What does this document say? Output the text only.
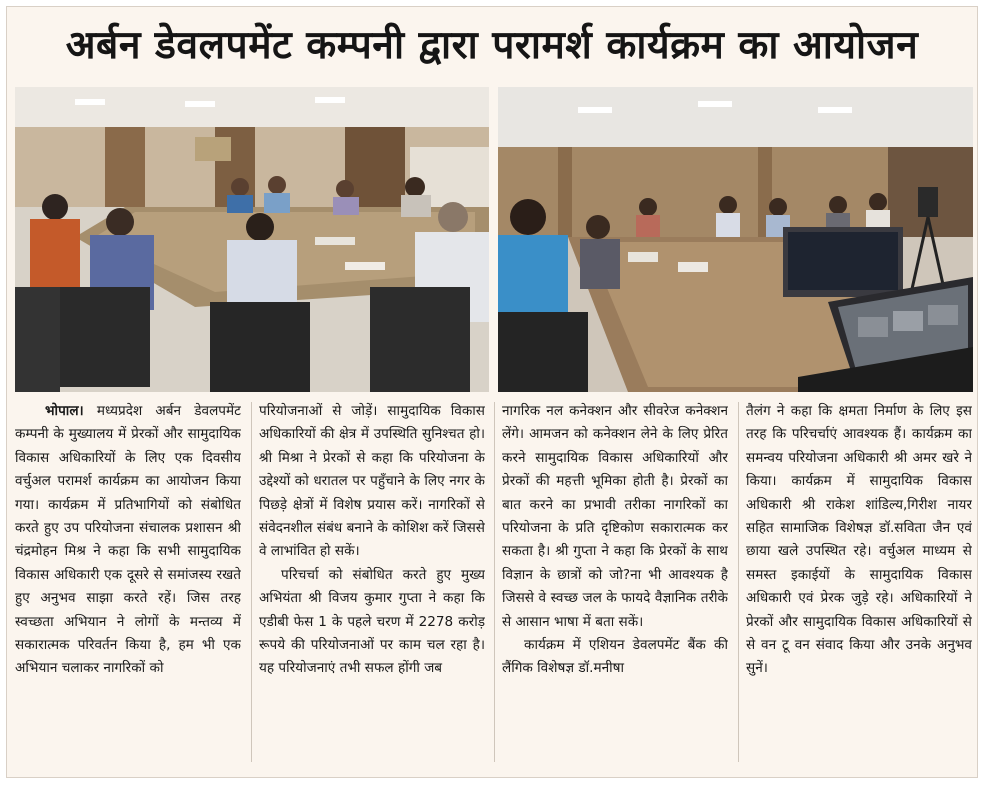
अर्बन डेवलपमेंट कम्पनी द्वारा परामर्श कार्यक्रम का आयोजन

भोपाल। मध्यप्रदेश अर्बन डेवलपमेंट कम्पनी के मुख्यालय में प्रेरकों और सामुदायिक विकास अधिकारियों के लिए एक दिवसीय वर्चुअल परामर्श कार्यक्रम का आयोजन किया गया। कार्यक्रम में प्रतिभागियों को संबोधित करते हुए उप परियोजना संचालक प्रशासन श्री चंद्रमोहन मिश्र ने कहा कि सभी सामुदायिक विकास अधिकारी एक दूसरे से समांजस्य रखते हुए अनुभव साझा करते रहें। जिस तरह स्वच्छता अभियान ने लोगों के मन्तव्य में सकारात्मक परिवर्तन किया है, हम भी एक अभियान चलाकर नागरिकों को

परियोजनाओं से जोड़ें। सामुदायिक विकास अधिकारियों की क्षेत्र में उपस्थिति सुनिश्चत हो। श्री मिश्रा ने प्रेरकों से कहा कि परियोजना के उद्देश्यों को धरातल पर पहुँचाने के लिए नगर के पिछड़े क्षेत्रों में विशेष प्रयास करें। नागरिकों से संवेदनशील संबंध बनाने के कोशिश करें जिससे वे लाभांवित हो सकें।

परिचर्चा को संबोधित करते हुए मुख्य अभियंता श्री विजय कुमार गुप्ता ने कहा कि एडीबी फेस 1 के पहले चरण में 2278 करोड़ रूपये की परियोजनाओं पर काम चल रहा है। यह परियोजनाएं तभी सफल होंगी जब

नागरिक नल कनेक्शन और सीवरेज कनेक्शन लेंगे। आमजन को कनेक्शन लेने के लिए प्रेरित करने सामुदायिक विकास अधिकारियों और प्रेरकों की महत्ती भूमिका होती है। प्रेरकों का बात करने का प्रभावी तरीका नागरिकों का परियोजना के प्रति दृष्टिकोण सकारात्मक कर सकता है। श्री गुप्ता ने कहा कि प्रेरकों के साथ विज्ञान के छात्रों को जो?ना भी आवश्यक है जिससे वे स्वच्छ जल के फायदे वैज्ञानिक तरीके से आसान भाषा में बता सकें।

कार्यक्रम में एशियन डेवलपमेंट बैंक की लैंगिक विशेषज्ञ डॉ.मनीषा

तैलंग ने कहा कि क्षमता निर्माण के लिए इस तरह कि परिचर्चाएं आवश्यक हैं। कार्यक्रम का समन्वय परियोजना अधिकारी श्री अमर खरे ने किया। कार्यक्रम में सामुदायिक विकास अधिकारी श्री राकेश शांडिल्य,गिरीश नायर सहित सामाजिक विशेषज्ञ डॉ.सविता जैन एवं छाया खले उपस्थित रहे। वर्चुअल माध्यम से समस्त इकाईयों के सामुदायिक विकास अधिकारी एवं प्रेरक जुड़े रहे। अधिकारियों ने प्रेरकों और सामुदायिक विकास अधिकारियों से से वन टू वन संवाद किया और उनके अनुभव सुनें।
